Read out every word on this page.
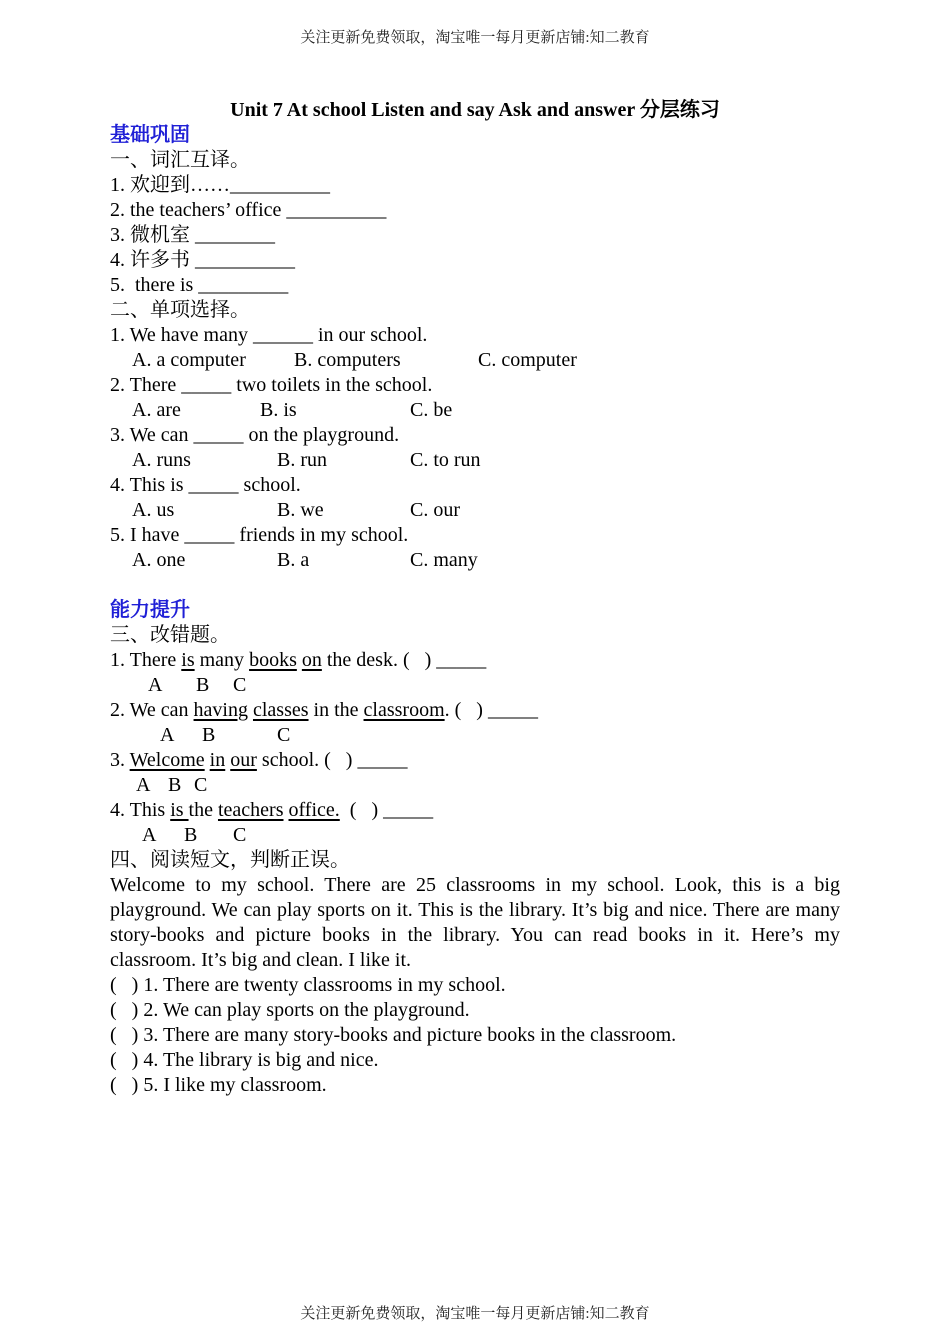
关注更新免费领取，淘宝唯一每月更新店铺:知二教育
Unit 7 At school Listen and say Ask and answer 分层练习
基础巩固
一、词汇互译。
1. 欢迎到……__________
2. the teachers’ office __________
3. 微机室 ________
4. 许多书 __________
5.  there is _________
二、单项选择。
1. We have many ______ in our school.

A. a computer

B. computers

	C. computer

2. There _____ two toilets in the school.

A. are

	B. is

	C. be

3. We can _____ on the playground.

A. runs

	B. run

	C. to run

4. This is _____ school.

A. us

	B. we

	C. our

5. I have _____ friends in my school.

A. one

	B. a

	C. many

能力提升
三、改错题。
1. There is many books on the desk. (   ) _____

A

B

C

2. We can having classes in the classroom. (   ) _____

A

B

	C

3. Welcome in our school. (   ) _____

A

B

C

4. This is the teachers office.  (   ) _____

A

B

C

四、阅读短文，判断正误。
Welcome to my school. There are 25 classrooms in my school. Look, this is a big playground. We can play sports on it. This is the library. It’s big and nice. There are many story-books and picture books in the library. You can read books in it. Here’s my classroom. It’s big and clean. I like it.
(   ) 1. There are twenty classrooms in my school.
(   ) 2. We can play sports on the playground.
(   ) 3. There are many story-books and picture books in the classroom.
(   ) 4. The library is big and nice.
(   ) 5. I like my classroom.
关注更新免费领取，淘宝唯一每月更新店铺:知二教育
